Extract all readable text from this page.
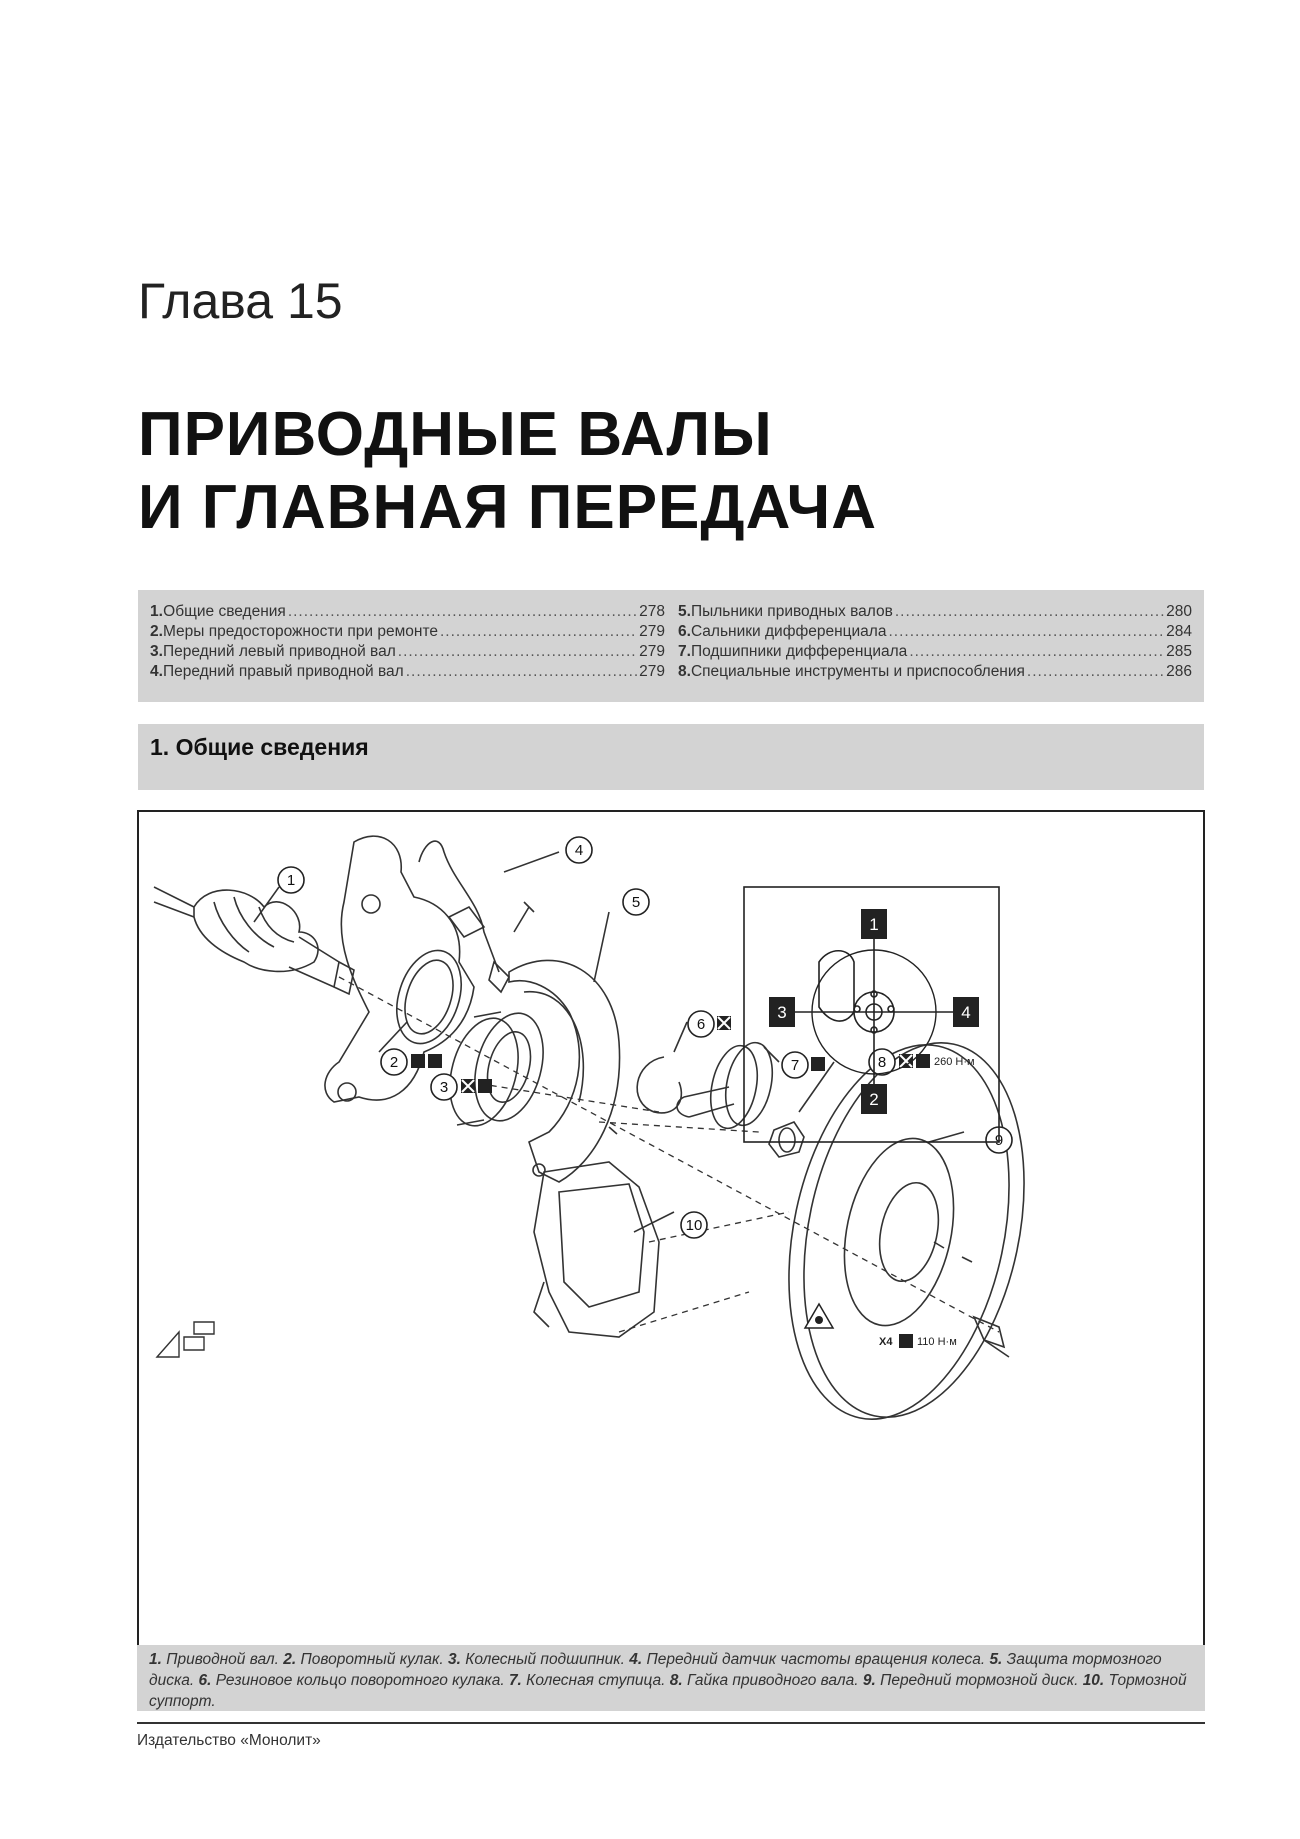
Глава 15
ПРИВОДНЫЕ ВАЛЫ
И ГЛАВНАЯ ПЕРЕДАЧА
1. Общие сведения .....	278
2. Меры предосторожности при ремонте .....	279
3. Передний левый приводной вал .....	279
4. Передний правый приводной вал .....	279
5. Пыльники приводных валов .....	280
6. Сальники дифференциала .....	284
7. Подшипники дифференциала .....	285
8. Специальные инструменты и приспособления .....	286
1. Общие сведения
1
2
3
4
5
6
7	8
9
10
260 Н·м
110 Н·м
X4
1
2
3	4
1. Приводной вал. 2. Поворотный кулак. 3. Колесный подшипник. 4. Передний датчик частоты вращения колеса. 5. Защита тормозного диска. 6. Резиновое кольцо поворотного кулака. 7. Колесная ступица. 8. Гайка приводного вала. 9. Передний тормозной диск. 10. Тормозной суппорт.
Издательство «Монолит»
